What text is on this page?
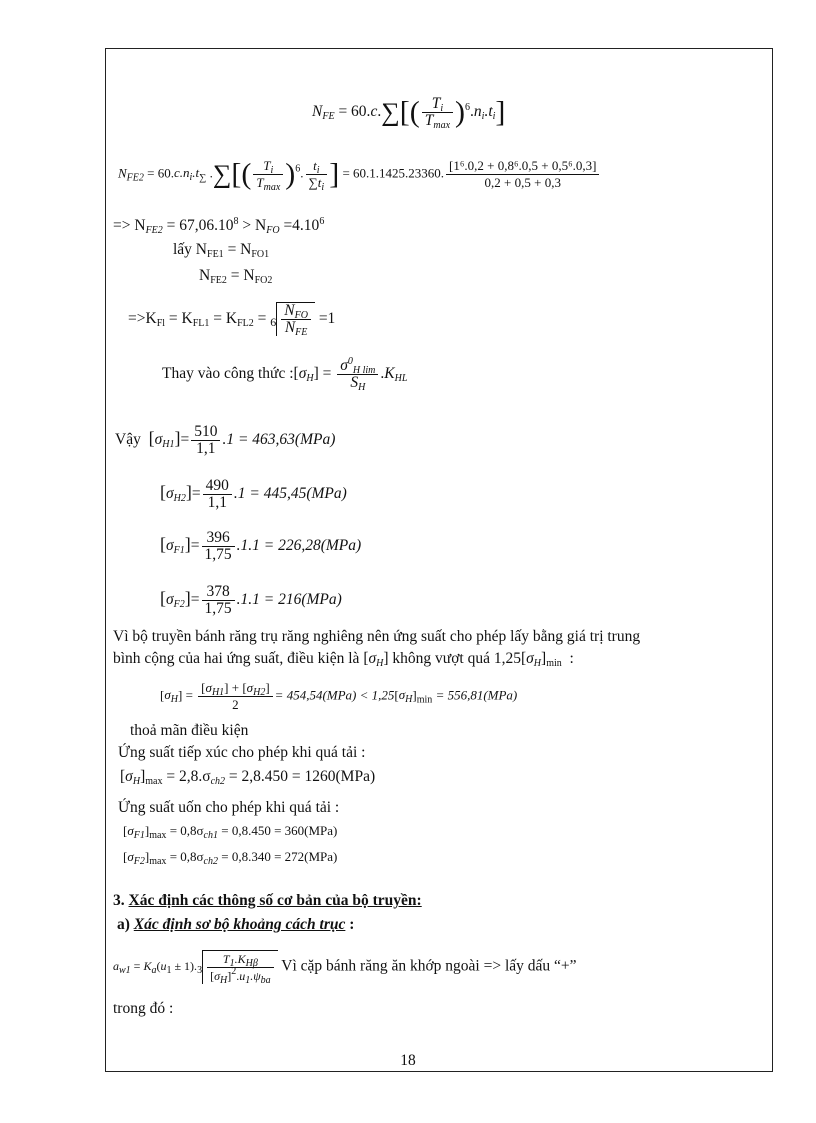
$N_{FE} = 60.c.\sum$[( $T_i$
$T_{max}$ )$^6.n_i.t_i$]
$N_{FE2} = 60.c.n_i.t_\sum$ .∑[( $T_i$
$T_{max}$ )$^6$. $\frac{t_i}{\sum t_i}$ ] = 60.1.1425.23360. $\frac{\text{[1⁶.0,2 + 0,8⁶.0,5 + 0,5⁶.0,3]}}{0,2 + 0,5 + 0,3}$
=> $N_{FE2} = 67,06.10^8 > N_{FO} =4.10^6$
lấy $N_{FE1} = N_{FO1}$
$N_{FE2} = N_{FO2}$
$=>K_{Fl} = K_{FL1} = K_{FL2} = _6$
$N_{FO}$
$N_{FE}$
=1
Thay vào công thức $:[\sigma_H] = \frac{\sigma^0_{H lim}}{S_H} .K_{HL}$
Vậy $[\sigma_{H1}]= \frac{510}{1,1} .1 = 463,63(MPa)$
$[\sigma_{H2}]= \frac{490}{1,1} .1 = 445,45(MPa)$
$[\sigma_{F1}]= \frac{396}{1,75} .1.1 = 226,28(MPa)$
$[\sigma_{F2}]= \frac{378}{1,75} .1.1 = 216(MPa)$
Vì bộ truyền bánh răng trụ răng nghiêng nên ứng suất cho phép lấy bằng giá trị trung
bình cộng của hai ứng suất, điều kiện là $[\sigma_H]$ không vượt quá $1,25[\sigma_H]_{min}$  :
$[\sigma_H] = \frac{[\sigma_{H1}] + [\sigma_{H2}]}{2} = 454,54(MPa) < 1,25[\sigma_H]_{min} = 556,81(MPa)$
thoả mãn điều kiện
Ứng suất tiếp xúc cho phép khi quá tải :
$[\sigma_H]_{max} = 2,8.\sigma_{ch2} = 2,8.450 = 1260(MPa)$
Ứng suất uốn cho phép khi quá tải :
$[\sigma_{F1}]_{max} = 0,8\sigma_{ch1} = 0,8.450 = 360(MPa)$
$[\sigma_{F2}]_{max} = 0,8\sigma_{ch2} = 0,8.340 = 272(MPa)$
3. Xác định các thông số cơ bản của bộ truyền:
a) Xác định sơ bộ khoảng cách trục :
$a_{w1} = K_a(u_1 \pm 1)._3$
$T_1.K_{H\beta}$
$[\sigma_H]^2.u_1.\psi_{ba}$
Vì cặp bánh răng ăn khớp ngoài => lấy dấu “+”
trong đó :
18
